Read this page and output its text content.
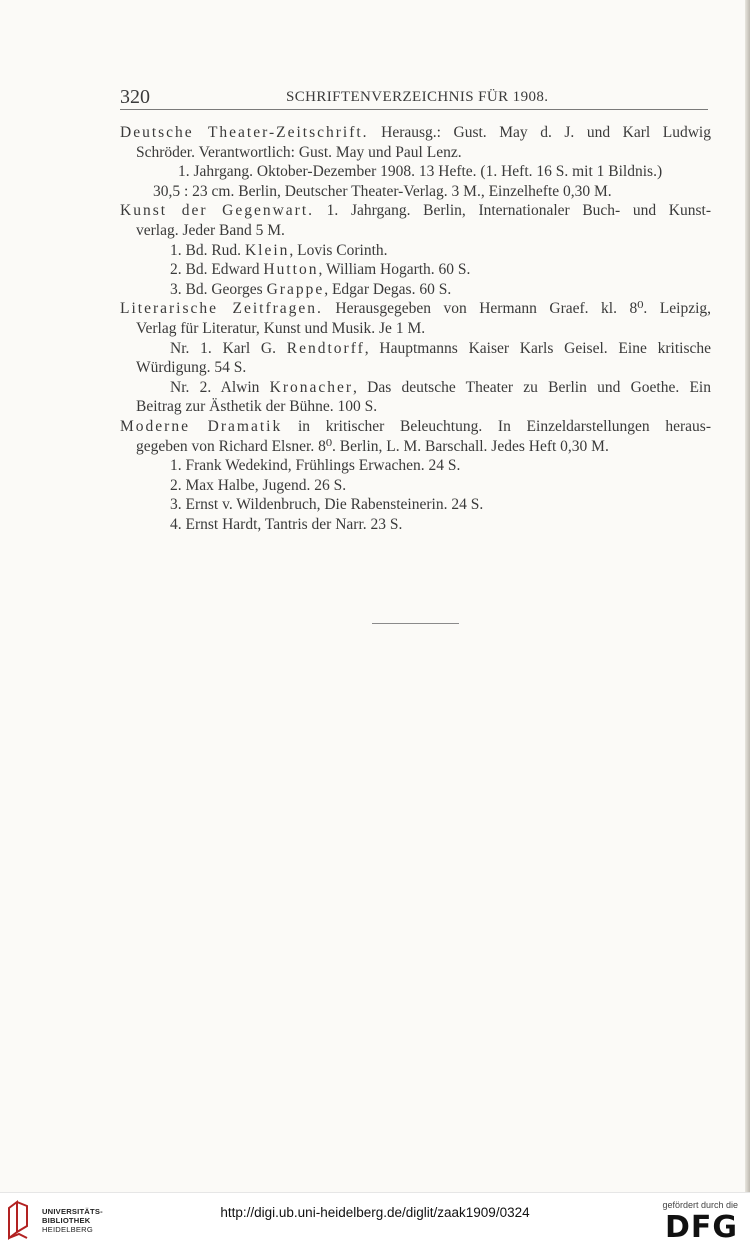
320	SCHRIFTENVERZEICHNIS FÜR 1908.

Deutsche Theater-Zeitschrift. Herausg.: Gust. May d. J. und Karl Ludwig

Schröder. Verantwortlich: Gust. May und Paul Lenz.

1. Jahrgang. Oktober-Dezember 1908. 13 Hefte. (1. Heft. 16 S. mit 1 Bildnis.)

30,5 : 23 cm. Berlin, Deutscher Theater-Verlag. 3 M., Einzelhefte 0,30 M.

Kunst der Gegenwart. 1. Jahrgang. Berlin, Internationaler Buch- und Kunst-

verlag. Jeder Band 5 M.

1. Bd. Rud. Klein, Lovis Corinth.

2. Bd. Edward Hutton, William Hogarth. 60 S.

3. Bd. Georges Grappe, Edgar Degas. 60 S.

Literarische Zeitfragen. Herausgegeben von Hermann Graef. kl. 8⁰. Leipzig,

Verlag für Literatur, Kunst und Musik. Je 1 M.

Nr. 1. Karl G. Rendtorff, Hauptmanns Kaiser Karls Geisel. Eine kritische

Würdigung. 54 S.

Nr. 2. Alwin Kronacher, Das deutsche Theater zu Berlin und Goethe. Ein

Beitrag zur Ästhetik der Bühne. 100 S.

Moderne Dramatik in kritischer Beleuchtung. In Einzeldarstellungen heraus-

gegeben von Richard Elsner. 8⁰. Berlin, L. M. Barschall. Jedes Heft 0,30 M.

1. Frank Wedekind, Frühlings Erwachen. 24 S.

2. Max Halbe, Jugend. 26 S.

3. Ernst v. Wildenbruch, Die Rabensteinerin. 24 S.

4. Ernst Hardt, Tantris der Narr. 23 S.

UNIVERSITÄTS-
BIBLIOTHEK
HEIDELBERG
http://digi.ub.uni-heidelberg.de/diglit/zaak1909/0324	gefördert durch die
DFG
